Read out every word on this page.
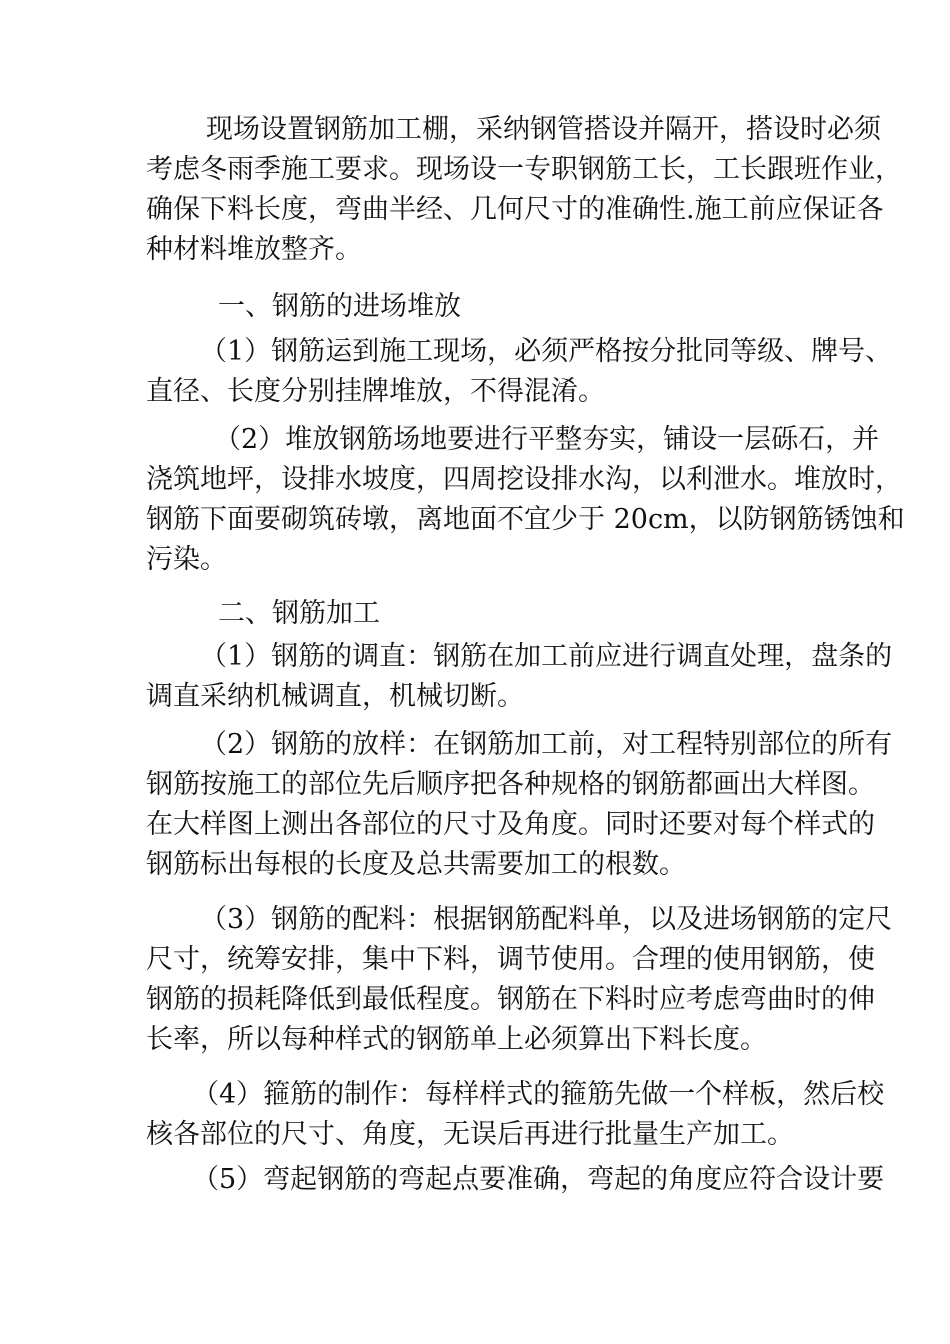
现场设置钢筋加工棚，采纳钢管搭设并隔开，搭设时必须
考虑冬雨季施工要求。现场设一专职钢筋工长，工长跟班作业，
确保下料长度，弯曲半经、几何尺寸的准确性.施工前应保证各
种材料堆放整齐。
一、钢筋的进场堆放
（1）钢筋运到施工现场，必须严格按分批同等级、牌号、
直径、长度分别挂牌堆放，不得混淆。
（2）堆放钢筋场地要进行平整夯实，铺设一层砾石，并
浇筑地坪，设排水坡度，四周挖设排水沟，以利泄水。堆放时，
钢筋下面要砌筑砖墩，离地面不宜少于 20cm，以防钢筋锈蚀和
污染。
二、钢筋加工
（1）钢筋的调直：钢筋在加工前应进行调直处理，盘条的
调直采纳机械调直，机械切断。
（2）钢筋的放样：在钢筋加工前，对工程特别部位的所有
钢筋按施工的部位先后顺序把各种规格的钢筋都画出大样图。
在大样图上测出各部位的尺寸及角度。同时还要对每个样式的
钢筋标出每根的长度及总共需要加工的根数。
（3）钢筋的配料：根据钢筋配料单，以及进场钢筋的定尺
尺寸，统筹安排，集中下料，调节使用。合理的使用钢筋，使
钢筋的损耗降低到最低程度。钢筋在下料时应考虑弯曲时的伸
长率，所以每种样式的钢筋单上必须算出下料长度。
（4）箍筋的制作：每样样式的箍筋先做一个样板，然后校
核各部位的尺寸、角度，无误后再进行批量生产加工。
（5）弯起钢筋的弯起点要准确，弯起的角度应符合设计要
